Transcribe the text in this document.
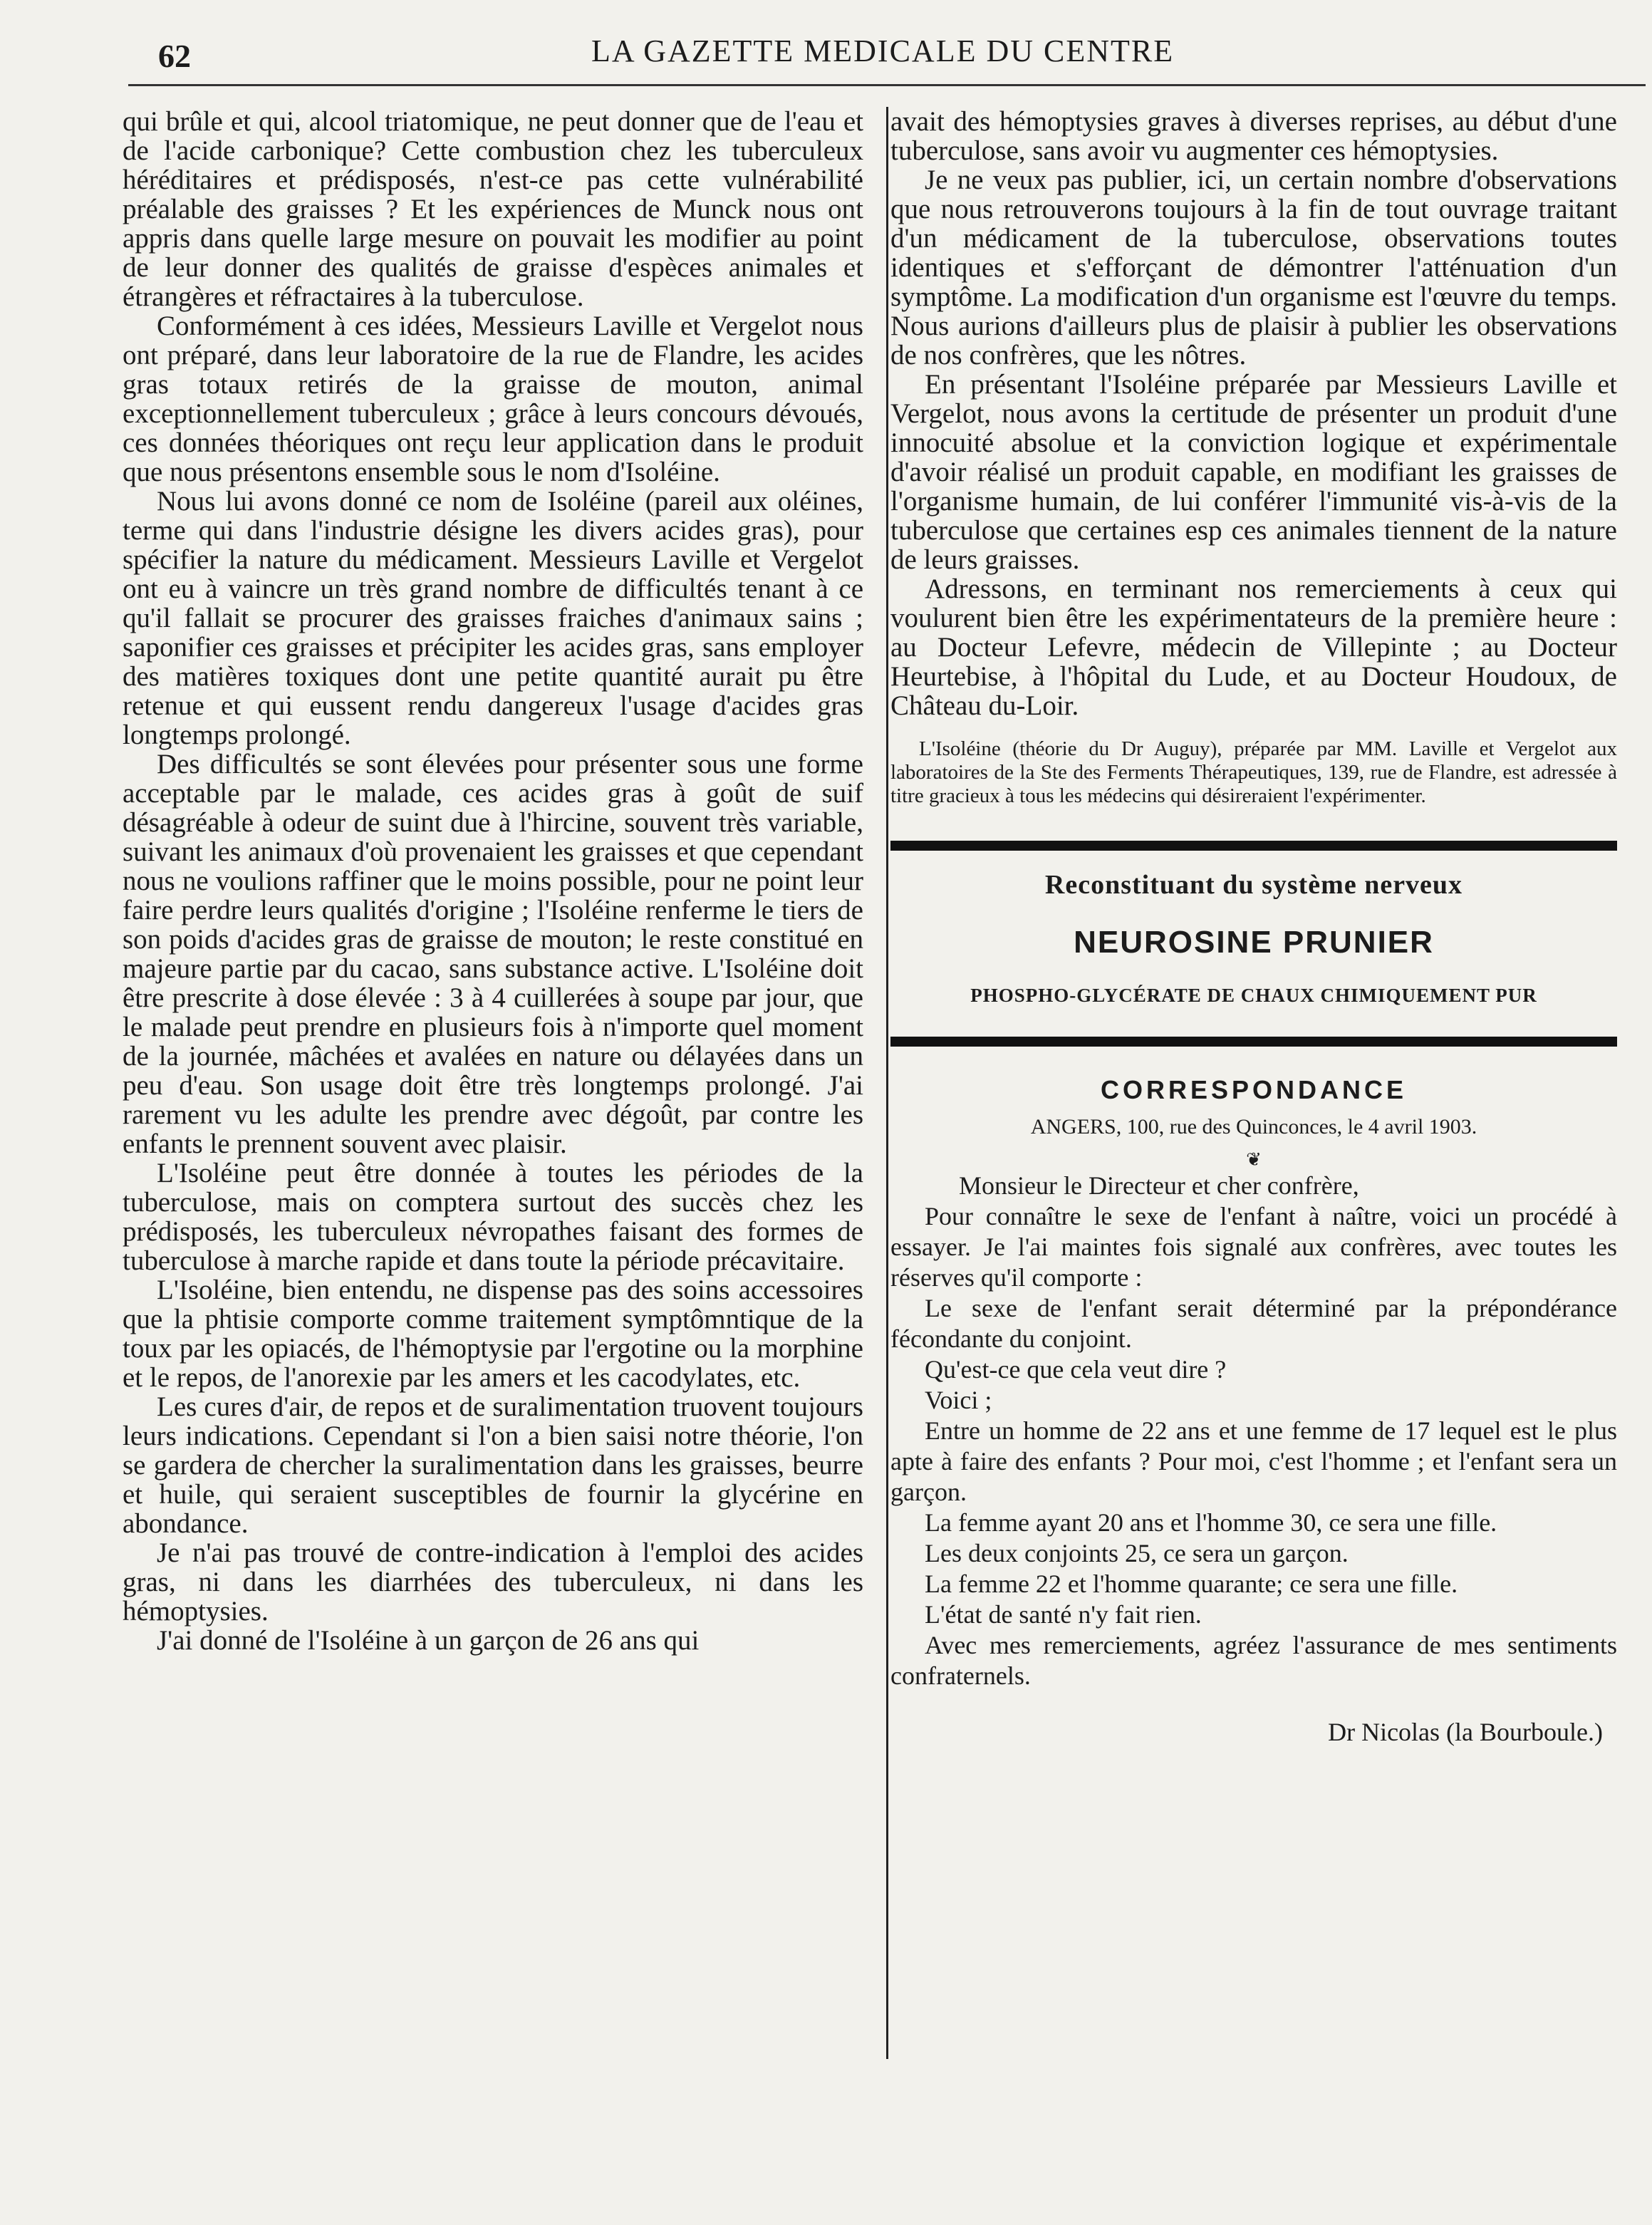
62	LA GAZETTE MEDICALE DU CENTRE

qui brûle et qui, alcool triatomique, ne peut donner que de l'eau et de l'acide carbonique? Cette combustion chez les tuberculeux héréditaires et prédisposés, n'est-ce pas cette vulnérabilité préalable des graisses ? Et les expériences de Munck nous ont appris dans quelle large mesure on pouvait les modifier au point de leur donner des qualités de graisse d'espèces animales et étrangères et réfractaires à la tuberculose.

Conformément à ces idées, Messieurs Laville et Vergelot nous ont préparé, dans leur laboratoire de la rue de Flandre, les acides gras totaux retirés de la graisse de mouton, animal exceptionnellement tuberculeux ; grâce à leurs concours dévoués, ces données théoriques ont reçu leur application dans le produit que nous présentons ensemble sous le nom d'Isoléine.

Nous lui avons donné ce nom de Isoléine (pareil aux oléines, terme qui dans l'industrie désigne les divers acides gras), pour spécifier la nature du médicament. Messieurs Laville et Vergelot ont eu à vaincre un très grand nombre de difficultés tenant à ce qu'il fallait se procurer des graisses fraiches d'animaux sains ; saponifier ces graisses et précipiter les acides gras, sans employer des matières toxiques dont une petite quantité aurait pu être retenue et qui eussent rendu dangereux l'usage d'acides gras longtemps prolongé.

Des difficultés se sont élevées pour présenter sous une forme acceptable par le malade, ces acides gras à goût de suif désagréable à odeur de suint due à l'hircine, souvent très variable, suivant les animaux d'où provenaient les graisses et que cependant nous ne voulions raffiner que le moins possible, pour ne point leur faire perdre leurs qualités d'origine ; l'Isoléine renferme le tiers de son poids d'acides gras de graisse de mouton; le reste constitué en majeure partie par du cacao, sans substance active. L'Isoléine doit être prescrite à dose élevée : 3 à 4 cuillerées à soupe par jour, que le malade peut prendre en plusieurs fois à n'importe quel moment de la journée, mâchées et avalées en nature ou délayées dans un peu d'eau. Son usage doit être très longtemps prolongé. J'ai rarement vu les adulte les prendre avec dégoût, par contre les enfants le prennent souvent avec plaisir.

L'Isoléine peut être donnée à toutes les périodes de la tuberculose, mais on comptera surtout des succès chez les prédisposés, les tuberculeux névropathes faisant des formes de tuberculose à marche rapide et dans toute la période précavitaire.

L'Isoléine, bien entendu, ne dispense pas des soins accessoires que la phtisie comporte comme traitement symptômntique de la toux par les opiacés, de l'hémoptysie par l'ergotine ou la morphine et le repos, de l'anorexie par les amers et les cacodylates, etc.

Les cures d'air, de repos et de suralimentation truovent toujours leurs indications. Cependant si l'on a bien saisi notre théorie, l'on se gardera de chercher la suralimentation dans les graisses, beurre et huile, qui seraient susceptibles de fournir la glycérine en abondance.

Je n'ai pas trouvé de contre-indication à l'emploi des acides gras, ni dans les diarrhées des tuberculeux, ni dans les hémoptysies.

J'ai donné de l'Isoléine à un garçon de 26 ans qui

avait des hémoptysies graves à diverses reprises, au début d'une tuberculose, sans avoir vu augmenter ces hémoptysies.

Je ne veux pas publier, ici, un certain nombre d'observations que nous retrouverons toujours à la fin de tout ouvrage traitant d'un médicament de la tuberculose, observations toutes identiques et s'efforçant de démontrer l'atténuation d'un symptôme. La modification d'un organisme est l'œuvre du temps. Nous aurions d'ailleurs plus de plaisir à publier les observations de nos confrères, que les nôtres.

En présentant l'Isoléine préparée par Messieurs Laville et Vergelot, nous avons la certitude de présenter un produit d'une innocuité absolue et la conviction logique et expérimentale d'avoir réalisé un produit capable, en modifiant les graisses de l'organisme humain, de lui conférer l'immunité vis-à-vis de la tuberculose que certaines esp ces animales tiennent de la nature de leurs graisses.

Adressons, en terminant nos remerciements à ceux qui voulurent bien être les expérimentateurs de la première heure : au Docteur Lefevre, médecin de Villepinte ; au Docteur Heurtebise, à l'hôpital du Lude, et au Docteur Houdoux, de Château du-Loir.

L'Isoléine (théorie du Dr Auguy), préparée par MM. Laville et Vergelot aux laboratoires de la Ste des Ferments Thérapeutiques, 139, rue de Flandre, est adressée à titre gracieux à tous les médecins qui désireraient l'expérimenter.

Reconstituant du système nerveux
NEUROSINE PRUNIER
PHOSPHO-GLYCÉRATE DE CHAUX CHIMIQUEMENT PUR
CORRESPONDANCE
ANGERS, 100, rue des Quinconces, le 4 avril 1903.
❦

Monsieur le Directeur et cher confrère,

Pour connaître le sexe de l'enfant à naître, voici un procédé à essayer. Je l'ai maintes fois signalé aux confrères, avec toutes les réserves qu'il comporte :

Le sexe de l'enfant serait déterminé par la prépondérance fécondante du conjoint.

Qu'est-ce que cela veut dire ?

Voici ;

Entre un homme de 22 ans et une femme de 17 lequel est le plus apte à faire des enfants ? Pour moi, c'est l'homme ; et l'enfant sera un garçon.

La femme ayant 20 ans et l'homme 30, ce sera une fille.

Les deux conjoints 25, ce sera un garçon.

La femme 22 et l'homme quarante; ce sera une fille.

L'état de santé n'y fait rien.

Avec mes remerciements, agréez l'assurance de mes sentiments confraternels.

Dr Nicolas (la Bourboule.)
